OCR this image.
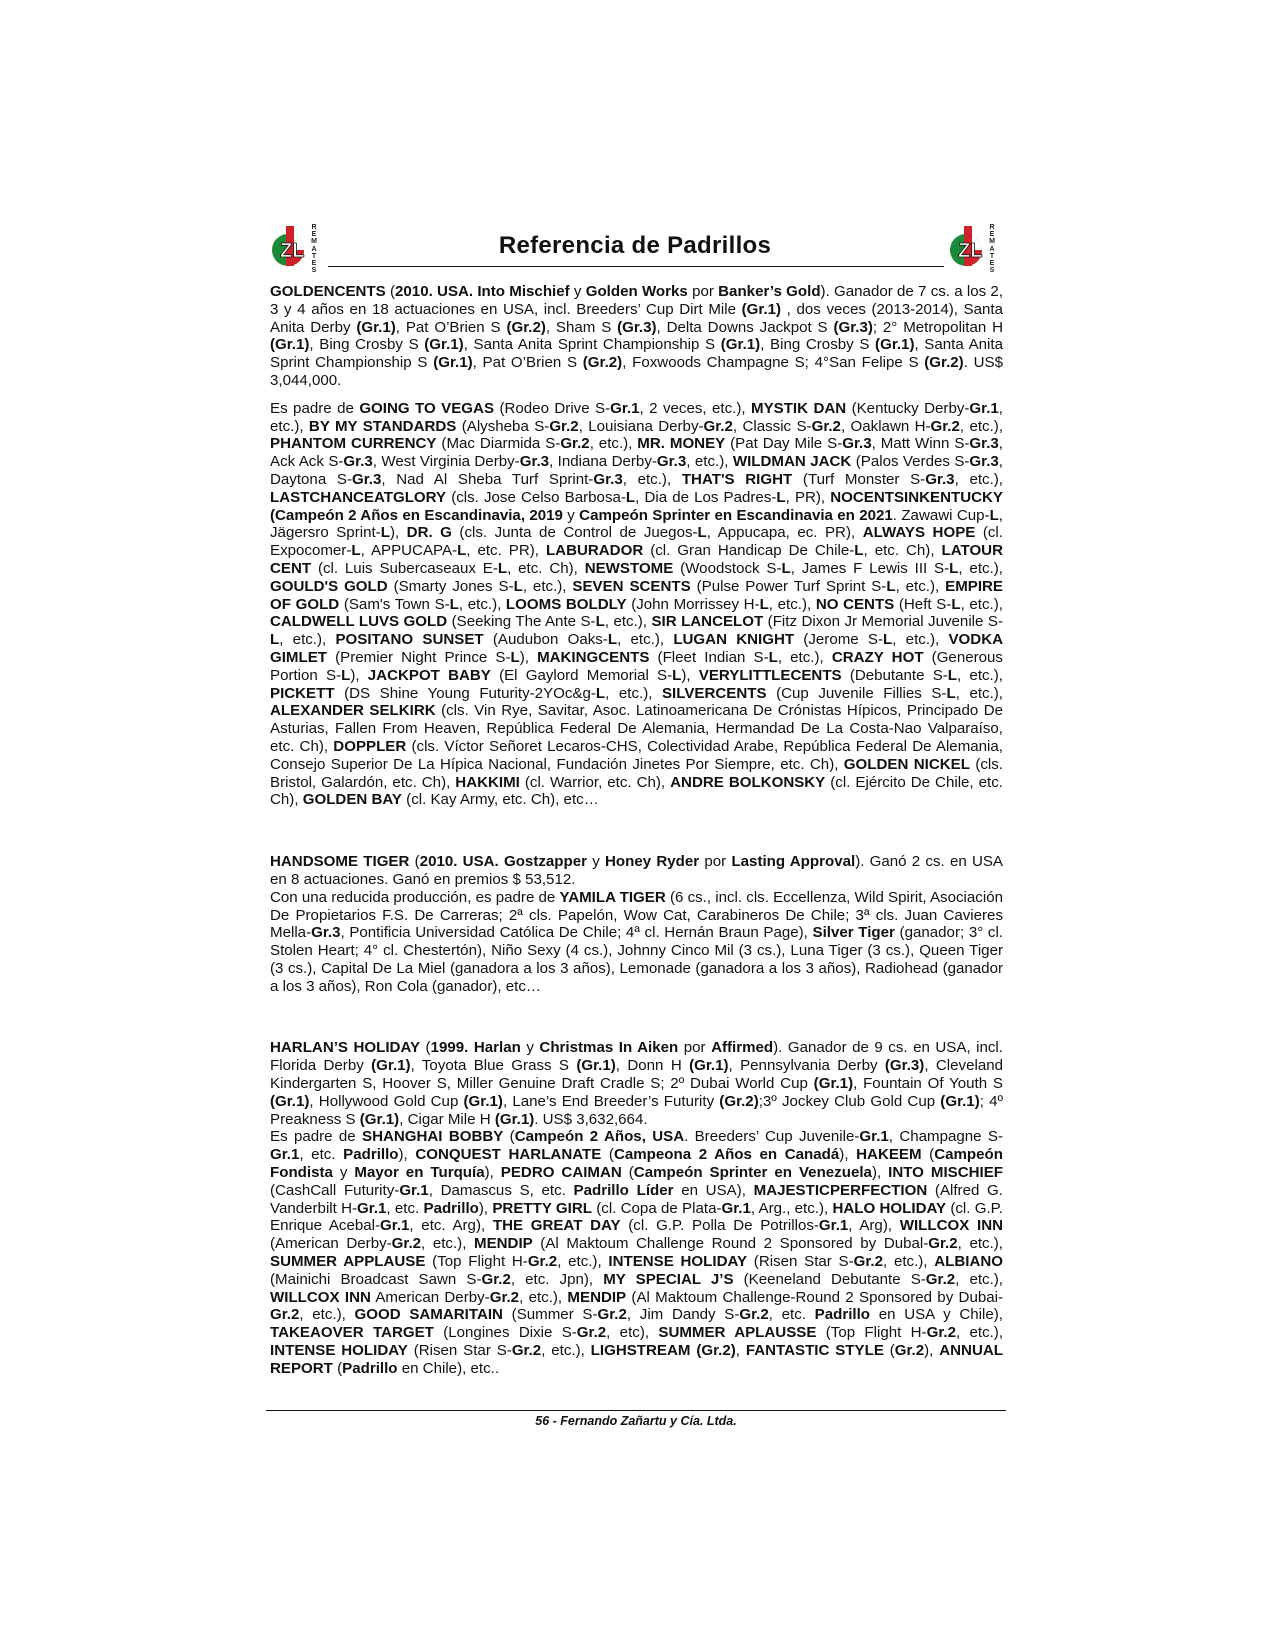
ZL
R
E
M
A
T
E
S
Referencia de Padrillos	ZL
R
E
M
A
T
E
S

GOLDENCENTS (2010. USA. Into Mischief y Golden Works por Banker’s Gold). Ganador de 7 cs. a los 2, 3 y 4 años en 18 actuaciones en USA, incl. Breeders’ Cup Dirt Mile (Gr.1) , dos veces (2013-2014), Santa Anita Derby (Gr.1), Pat O’Brien S (Gr.2), Sham S (Gr.3), Delta Downs Jackpot S (Gr.3); 2° Metropolitan H (Gr.1), Bing Crosby S (Gr.1), Santa Anita Sprint Championship S (Gr.1), Bing Crosby S (Gr.1), Santa Anita Sprint Championship S (Gr.1), Pat O’Brien S (Gr.2), Foxwoods Champagne S; 4°San Felipe S (Gr.2). US$ 3,044,000.

Es padre de GOING TO VEGAS (Rodeo Drive S-Gr.1, 2 veces, etc.), MYSTIK DAN (Kentucky Derby-Gr.1, etc.), BY MY STANDARDS (Alysheba S-Gr.2, Louisiana Derby-Gr.2, Classic S-Gr.2, Oaklawn H-Gr.2, etc.), PHANTOM CURRENCY (Mac Diarmida S-Gr.2, etc.), MR. MONEY (Pat Day Mile S-Gr.3, Matt Winn S-Gr.3, Ack Ack S-Gr.3, West Virginia Derby-Gr.3, Indiana Derby-Gr.3, etc.), WILDMAN JACK (Palos Verdes S-Gr.3, Daytona S-Gr.3, Nad Al Sheba Turf Sprint-Gr.3, etc.), THAT'S RIGHT (Turf Monster S-Gr.3, etc.), LASTCHANCEATGLORY (cls. Jose Celso Barbosa-L, Dia de Los Padres-L, PR), NOCENTSINKENTUCKY (Campeón 2 Años en Escandinavia, 2019 y Campeón Sprinter en Escandinavia en 2021. Zawawi Cup-L, Jägersro Sprint-L), DR. G (cls. Junta de Control de Juegos-L, Appucapa, ec. PR), ALWAYS HOPE (cl. Expocomer-L, APPUCAPA-L, etc. PR), LABURADOR (cl. Gran Handicap De Chile-L, etc. Ch), LATOUR CENT (cl. Luis Subercaseaux E-L, etc. Ch), NEWSTOME (Woodstock S-L, James F Lewis III S-L, etc.), GOULD'S GOLD (Smarty Jones S-L, etc.), SEVEN SCENTS (Pulse Power Turf Sprint S-L, etc.), EMPIRE OF GOLD (Sam's Town S-L, etc.), LOOMS BOLDLY (John Morrissey H-L, etc.), NO CENTS (Heft S-L, etc.), CALDWELL LUVS GOLD (Seeking The Ante S-L, etc.), SIR LANCELOT (Fitz Dixon Jr Memorial Juvenile S-L, etc.), POSITANO SUNSET (Audubon Oaks-L, etc.), LUGAN KNIGHT (Jerome S-L, etc.), VODKA GIMLET (Premier Night Prince S-L), MAKINGCENTS (Fleet Indian S-L, etc.), CRAZY HOT (Generous Portion S-L), JACKPOT BABY (El Gaylord Memorial S-L), VERYLITTLECENTS (Debutante S-L, etc.), PICKETT (DS Shine Young Futurity-2YOc&g-L, etc.), SILVERCENTS (Cup Juvenile Fillies S-L, etc.), ALEXANDER SELKIRK (cls. Vin Rye, Savitar, Asoc. Latinoamericana De Crónistas Hípicos, Principado De Asturias, Fallen From Heaven, República Federal De Alemania, Hermandad De La Costa-Nao Valparaíso, etc. Ch), DOPPLER (cls. Víctor Señoret Lecaros-CHS, Colectividad Arabe, República Federal De Alemania, Consejo Superior De La Hípica Nacional, Fundación Jinetes Por Siempre, etc. Ch), GOLDEN NICKEL (cls. Bristol, Galardón, etc. Ch), HAKKIMI (cl. Warrior, etc. Ch), ANDRE BOLKONSKY (cl. Ejército De Chile, etc. Ch), GOLDEN BAY (cl. Kay Army, etc. Ch), etc…

HANDSOME TIGER (2010. USA. Gostzapper y Honey Ryder por Lasting Approval). Ganó 2 cs. en USA en 8 actuaciones. Ganó en premios $ 53,512.

Con una reducida producción, es padre de YAMILA TIGER (6 cs., incl. cls. Eccellenza, Wild Spirit, Asociación De Propietarios F.S. De Carreras; 2ª cls. Papelón, Wow Cat, Carabineros De Chile; 3ª cls. Juan Cavieres Mella-Gr.3, Pontificia Universidad Católica De Chile; 4ª cl. Hernán Braun Page), Silver Tiger (ganador; 3° cl. Stolen Heart; 4° cl. Chestertón), Niño Sexy (4 cs.), Johnny Cinco Mil (3 cs.), Luna Tiger (3 cs.), Queen Tiger (3 cs.), Capital De La Miel (ganadora a los 3 años), Lemonade (ganadora a los 3 años), Radiohead (ganador a los 3 años), Ron Cola (ganador), etc…

HARLAN’S HOLIDAY (1999. Harlan y Christmas In Aiken por Affirmed). Ganador de 9 cs. en USA, incl. Florida Derby (Gr.1), Toyota Blue Grass S (Gr.1), Donn H (Gr.1), Pennsylvania Derby (Gr.3), Cleveland Kindergarten S, Hoover S, Miller Genuine Draft Cradle S; 2º Dubai World Cup (Gr.1), Fountain Of Youth S (Gr.1), Hollywood Gold Cup (Gr.1), Lane’s End Breeder’s Futurity (Gr.2);3º Jockey Club Gold Cup (Gr.1); 4º Preakness S (Gr.1), Cigar Mile H (Gr.1). US$ 3,632,664.

Es padre de SHANGHAI BOBBY (Campeón 2 Años, USA. Breeders’ Cup Juvenile-Gr.1, Champagne S-Gr.1, etc. Padrillo), CONQUEST HARLANATE (Campeona 2 Años en Canadá), HAKEEM (Campeón Fondista y Mayor en Turquía), PEDRO CAIMAN (Campeón Sprinter en Venezuela), INTO MISCHIEF (CashCall Futurity-Gr.1, Damascus S, etc. Padrillo Líder en USA), MAJESTICPERFECTION (Alfred G. Vanderbilt H-Gr.1, etc. Padrillo), PRETTY GIRL (cl. Copa de Plata-Gr.1, Arg., etc.), HALO HOLIDAY (cl. G.P. Enrique Acebal-Gr.1, etc. Arg), THE GREAT DAY (cl. G.P. Polla De Potrillos-Gr.1, Arg), WILLCOX INN (American Derby-Gr.2, etc.), MENDIP (Al Maktoum Challenge Round 2 Sponsored by Dubal-Gr.2, etc.), SUMMER APPLAUSE (Top Flight H-Gr.2, etc.), INTENSE HOLIDAY (Risen Star S-Gr.2, etc.), ALBIANO (Mainichi Broadcast Sawn S-Gr.2, etc. Jpn), MY SPECIAL J’S (Keeneland Debutante S-Gr.2, etc.), WILLCOX INN American Derby-Gr.2, etc.), MENDIP (Al Maktoum Challenge-Round 2 Sponsored by Dubai-Gr.2, etc.), GOOD SAMARITAIN (Summer S-Gr.2, Jim Dandy S-Gr.2, etc. Padrillo en USA y Chile), TAKEAOVER TARGET (Longines Dixie S-Gr.2, etc), SUMMER APLAUSSE (Top Flight H-Gr.2, etc.), INTENSE HOLIDAY (Risen Star S-Gr.2, etc.), LIGHSTREAM (Gr.2), FANTASTIC STYLE (Gr.2), ANNUAL REPORT (Padrillo en Chile), etc..

56 - Fernando Zañartu y Cía. Ltda.
